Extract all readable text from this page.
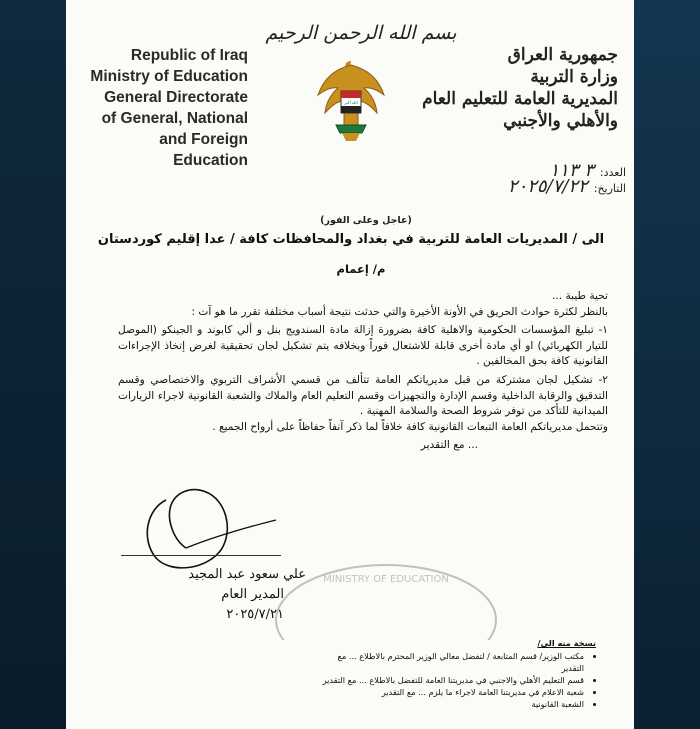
بسم الله الرحمن الرحيم
Republic of Iraq
Ministry of Education
General Directorate
of General, National
and Foreign Education
الله أكبر
جمهورية العراق
وزارة التربية
المديرية العامة للتعليم العام
والأهلي والأجنبي
العدد:٣ ١١٣
التاريخ:٢٠٢٥/٧/٢٢
(عاجل وعلى الفور)
الى / المديريات العامة للتربية في بغداد والمحافظات كافة / عدا إقليم كوردستان
م/ إعمام

تحية طيبة ...

بالنظر لكثرة حوادث الحريق في الأونة الأخيرة والتي حدثت نتيجة أسباب مختلفة تقرر ما هو آت :

١- تبليغ المؤسسات الحكومية والاهلية كافة بضرورة إزالة مادة السندويج بنل و ألي كابوند و الجينكو (الموصل للتيار الكهربائي) او أي مادة أخرى قابلة للاشتعال فوراً وبخلافه يتم تشكيل لجان تحقيقية لغرض إتخاذ الإجراءات القانونية كافة بحق المخالفين .

٢- تشكيل لجان مشتركة من قبل مديرياتكم العامة تتألف من قسمي الأشراف التربوي والاختصاصي وقسم التدقيق والرقابة الداخلية وقسم الإدارة والتجهيزات وقسم التعليم العام والملاك والشعبة القانونية لاجراء الزيارات الميدانية للتأكد من توفر شروط الصحة والسلامة المهنية .

وتتحمل مديرياتكم العامة التبعات القانونية كافة خلافاً لما ذكر آنفاً حفاظاً على أرواح الجميع .

... مع التقدير

MINISTRY OF EDUCATION
علي سعود عبد المجيد
المدير العام
٢٠٢٥/٧/٢١
نسخة منه الى/
• مكتب الوزير/ قسم المتابعة / لتفضل معالي الوزير المحترم بالاطلاع ... مع التقدير
• قسم التعليم الأهلي والاجنبي في مديريتنا العامة للتفضل بالاطلاع ... مع التقدير
• شعبة الاعلام في مديريتنا العامة لاجراء ما يلزم ... مع التقدير
• الشعبة القانونية
